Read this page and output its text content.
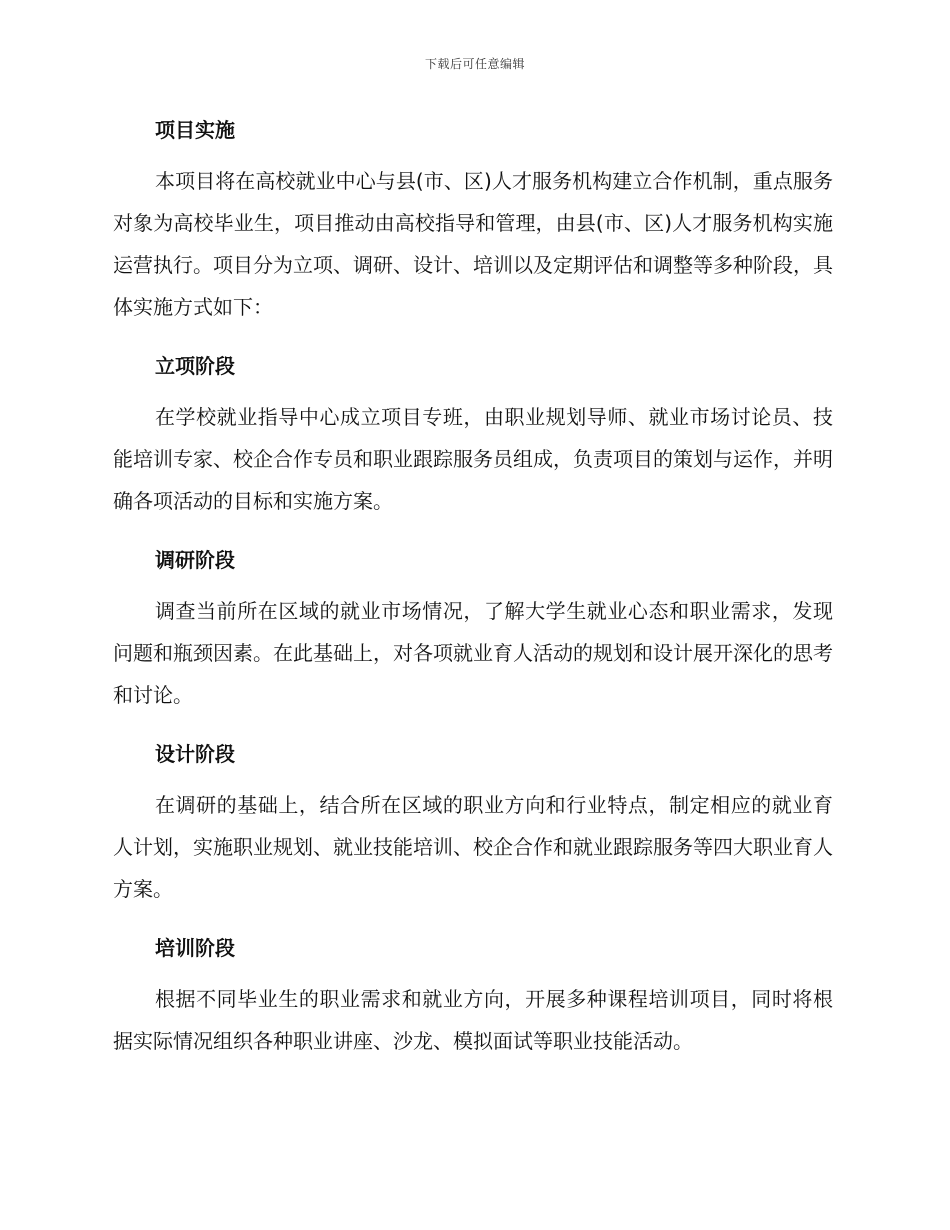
下载后可任意编辑
项目实施

本项目将在高校就业中心与县(市、区)人才服务机构建立合作机制，重点服务对象为高校毕业生，项目推动由高校指导和管理，由县(市、区)人才服务机构实施运营执行。项目分为立项、调研、设计、培训以及定期评估和调整等多种阶段，具体实施方式如下：

立项阶段

在学校就业指导中心成立项目专班，由职业规划导师、就业市场讨论员、技能培训专家、校企合作专员和职业跟踪服务员组成，负责项目的策划与运作，并明确各项活动的目标和实施方案。

调研阶段

调查当前所在区域的就业市场情况，了解大学生就业心态和职业需求，发现问题和瓶颈因素。在此基础上，对各项就业育人活动的规划和设计展开深化的思考和讨论。

设计阶段

在调研的基础上，结合所在区域的职业方向和行业特点，制定相应的就业育人计划，实施职业规划、就业技能培训、校企合作和就业跟踪服务等四大职业育人方案。

培训阶段

根据不同毕业生的职业需求和就业方向，开展多种课程培训项目，同时将根据实际情况组织各种职业讲座、沙龙、模拟面试等职业技能活动。
